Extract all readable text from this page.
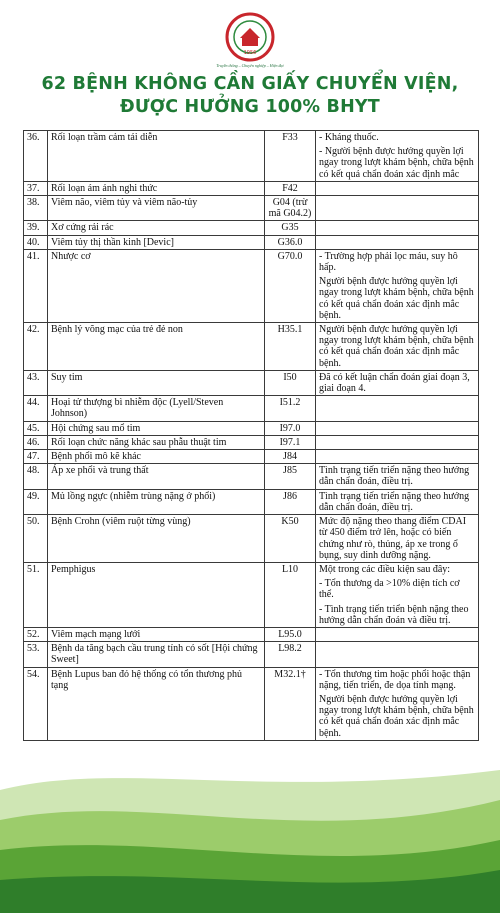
1956
Truyền thống – Chuyên nghiệp – Hiện đại
62 BỆNH KHÔNG CẦN GIẤY CHUYỂN VIỆN,
ĐƯỢC HƯỞNG 100% BHYT
36.	Rối loạn trầm cảm tái diễn	F33	- Kháng thuốc.

- Người bệnh được hưởng quyền lợi ngay trong lượt khám bệnh, chữa bệnh có kết quả chẩn đoán xác định mắc

37.	Rối loạn ám ảnh nghi thức	F42	
38.	Viêm não, viêm tủy và viêm não-tủy	G04 (trừ mã G04.2)	
39.	Xơ cứng rải rác	G35	
40.	Viêm tủy thị thần kinh [Devic]	G36.0	
41.	Nhược cơ	G70.0	- Trường hợp phải lọc máu, suy hô hấp.

Người bệnh được hưởng quyền lợi ngay trong lượt khám bệnh, chữa bệnh có kết quả chẩn đoán xác định mắc bệnh.

42.	Bệnh lý võng mạc của trẻ đẻ non	H35.1	Người bệnh được hưởng quyền lợi ngay trong lượt khám bệnh, chữa bệnh có kết quả chẩn đoán xác định mắc bệnh.

43.	Suy tim	I50	Đã có kết luận chẩn đoán giai đoạn 3, giai đoạn 4.

44.	Hoại tử thượng bì nhiễm độc (Lyell/Steven Johnson)	I51.2	
45.	Hội chứng sau mổ tim	I97.0	
46.	Rối loạn chức năng khác sau phẫu thuật tim	I97.1	
47.	Bệnh phổi mô kẽ khác	J84	
48.	Áp xe phổi và trung thất	J85	Tình trạng tiến triển nặng theo hướng dẫn chẩn đoán, điều trị.

49.	Mủ lồng ngực (nhiễm trùng nặng ở phổi)	J86	Tình trạng tiến triển nặng theo hướng dẫn chẩn đoán, điều trị.

50.	Bệnh Crohn (viêm ruột từng vùng)	K50	Mức độ nặng theo thang điểm CDAI từ 450 điểm trở lên, hoặc có biến chứng như rò, thủng, áp xe trong ổ bụng, suy dinh dưỡng nặng.

51.	Pemphigus	L10	Một trong các điều kiện sau đây:

- Tổn thương da >10% diện tích cơ thể.

- Tình trạng tiến triển bệnh nặng theo hướng dẫn chẩn đoán và điều trị.

52.	Viêm mạch mạng lưới	L95.0	
53.	Bệnh da tăng bạch cầu trung tính có sốt [Hội chứng Sweet]	L98.2	
54.	Bệnh Lupus ban đỏ hệ thống có tổn thương phủ tạng	M32.1†	- Tổn thương tim hoặc phổi hoặc thận nặng, tiến triển, đe dọa tính mạng.

Người bệnh được hưởng quyền lợi ngay trong lượt khám bệnh, chữa bệnh có kết quả chẩn đoán xác định mắc bệnh.
